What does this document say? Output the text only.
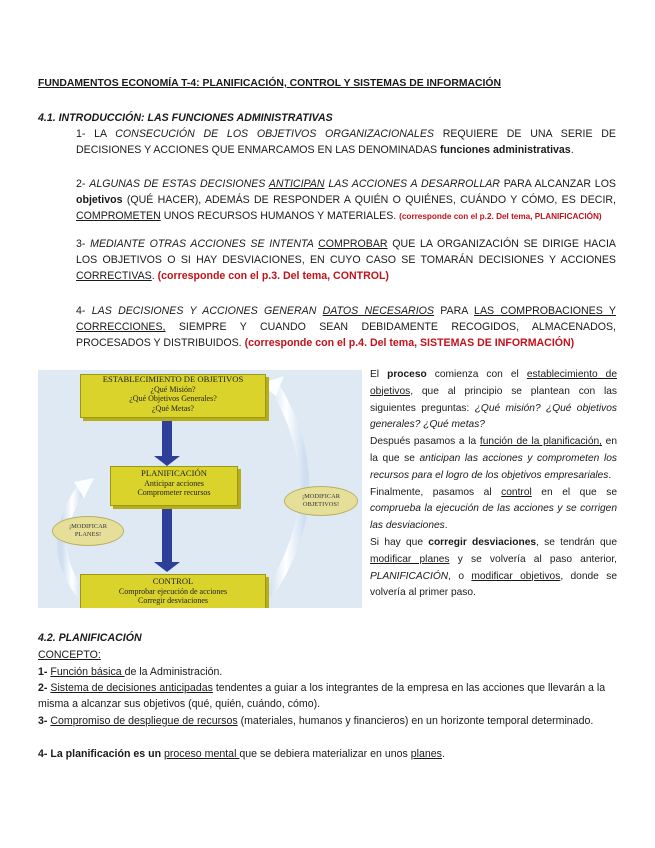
FUNDAMENTOS ECONOMÍA T-4: PLANIFICACIÓN, CONTROL Y SISTEMAS DE INFORMACIÓN
4.1. INTRODUCCIÓN: LAS FUNCIONES ADMINISTRATIVAS
1- LA CONSECUCIÓN DE LOS OBJETIVOS ORGANIZACIONALES REQUIERE DE UNA SERIE DE DECISIONES Y ACCIONES QUE ENMARCAMOS EN LAS DENOMINADAS funciones administrativas.
2- ALGUNAS DE ESTAS DECISIONES ANTICIPAN LAS ACCIONES A DESARROLLAR PARA ALCANZAR LOS objetivos (QUÉ HACER), ADEMÁS DE RESPONDER A QUIÉN O QUIÉNES, CUÁNDO Y CÓMO, ES DECIR, COMPROMETEN UNOS RECURSOS HUMANOS Y MATERIALES. (corresponde con el p.2. Del tema, PLANIFICACIÓN)
3- MEDIANTE OTRAS ACCIONES SE INTENTA COMPROBAR QUE LA ORGANIZACIÓN SE DIRIGE HACIA LOS OBJETIVOS O SI HAY DESVIACIONES, EN CUYO CASO SE TOMARÁN DECISIONES Y ACCIONES CORRECTIVAS. (corresponde con el p.3. Del tema, CONTROL)
4- LAS DECISIONES Y ACCIONES GENERAN DATOS NECESARIOS PARA LAS COMPROBACIONES Y CORRECCIONES, SIEMPRE Y CUANDO SEAN DEBIDAMENTE RECOGIDOS, ALMACENADOS, PROCESADOS Y DISTRIBUIDOS. (corresponde con el p.4. Del tema, SISTEMAS DE INFORMACIÓN)
ESTABLECIMIENTO DE OBJETIVOS
¿Qué Misión?
¿Qué Objetivos Generales?
¿Qué Metas?
PLANIFICACIÓN
Anticipar acciones
Comprometer recursos
CONTROL
Comprobar ejecución de acciones
Corregir desviaciones
¡MODIFICAR
PLANES!
¡MODIFICAR
OBJETIVOS!
El proceso comienza con el establecimiento de objetivos, que al principio se plantean con las siguientes preguntas: ¿Qué misión? ¿Qué objetivos generales? ¿Qué metas?
Después pasamos a la función de la planificación, en la que se anticipan las acciones y comprometen los recursos para el logro de los objetivos empresariales.
Finalmente, pasamos al control en el que se comprueba la ejecución de las acciones y se corrigen las desviaciones.
Si hay que corregir desviaciones, se tendrán que modificar planes y se volvería al paso anterior, PLANIFICACIÓN, o modificar objetivos, donde se volvería al primer paso.
4.2. PLANIFICACIÓN
CONCEPTO:
1- Función básica de la Administración.
2- Sistema de decisiones anticipadas tendentes a guiar a los integrantes de la empresa en las acciones que llevarán a la misma a alcanzar sus objetivos (qué, quién, cuándo, cómo).
3- Compromiso de despliegue de recursos (materiales, humanos y financieros) en un horizonte temporal determinado.
4- La planificación es un proceso mental que se debiera materializar en unos planes.
